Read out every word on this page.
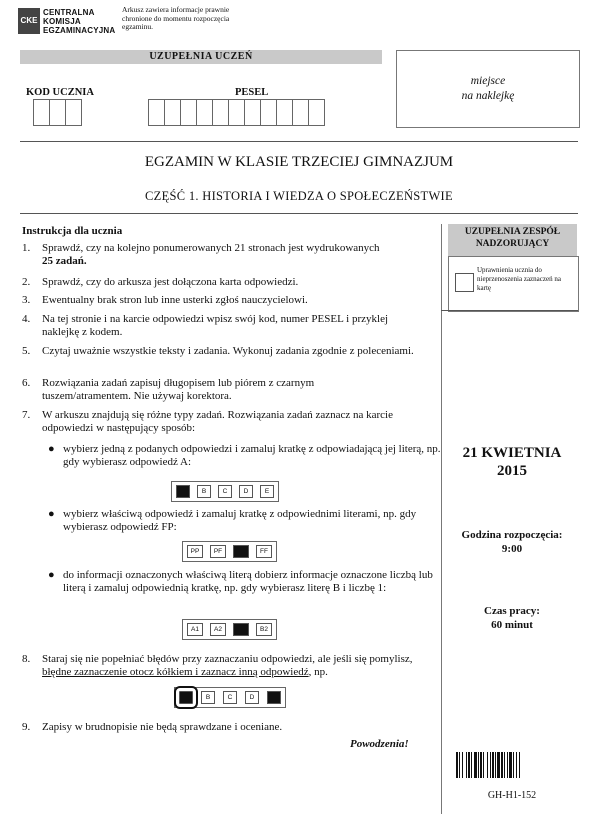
CKE
CENTRALNA
KOMISJA
EGZAMINACYJNA
Arkusz zawiera informacje prawnie chronione do momentu rozpoczęcia egzaminu.
UZUPEŁNIA UCZEŃ
KOD UCZNIA	PESEL
miejsce
na naklejkę
EGZAMIN W KLASIE TRZECIEJ GIMNAZJUM
CZĘŚĆ 1. HISTORIA I WIEDZA O SPOŁECZEŃSTWIE
Instrukcja dla ucznia
1.	Sprawdź, czy na kolejno ponumerowanych 21 stronach jest wydrukowanych
25 zadań.
2.	Sprawdź, czy do arkusza jest dołączona karta odpowiedzi.
3.	Ewentualny brak stron lub inne usterki zgłoś nauczycielowi.
4.	Na tej stronie i na karcie odpowiedzi wpisz swój kod, numer PESEL i przyklej naklejkę z kodem.
5.	Czytaj uważnie wszystkie teksty i zadania. Wykonuj zadania zgodnie z poleceniami.
6.	Rozwiązania zadań zapisuj długopisem lub piórem z czarnym tuszem/atramentem. Nie używaj korektora.
7.	W arkuszu znajdują się różne typy zadań. Rozwiązania zadań zaznacz na karcie odpowiedzi w następujący sposób:
● wybierz jedną z podanych odpowiedzi i zamaluj kratkę z odpowiadającą jej literą, np. gdy wybierasz odpowiedź A:
B	C	D	E
● wybierz właściwą odpowiedź i zamaluj kratkę z odpowiednimi literami, np. gdy wybierasz odpowiedź FP:
PP	PF	FF
● do informacji oznaczonych właściwą literą dobierz informacje oznaczone liczbą lub literą i zamaluj odpowiednią kratkę, np. gdy wybierasz literę B i liczbę 1:
A1	A2	B2
8.	Staraj się nie popełniać błędów przy zaznaczaniu odpowiedzi, ale jeśli się pomylisz, błędne zaznaczenie otocz kółkiem i zaznacz inną odpowiedź, np.
B	C	D
9.	Zapisy w brudnopisie nie będą sprawdzane i oceniane.
Powodzenia!
UZUPEŁNIA ZESPÓŁ NADZORUJĄCY
Uprawnienia ucznia do nieprzenoszenia zaznaczeń na kartę
21 KWIETNIA
2015
Godzina rozpoczęcia:
9:00
Czas pracy:
60 minut
GH-H1-152
